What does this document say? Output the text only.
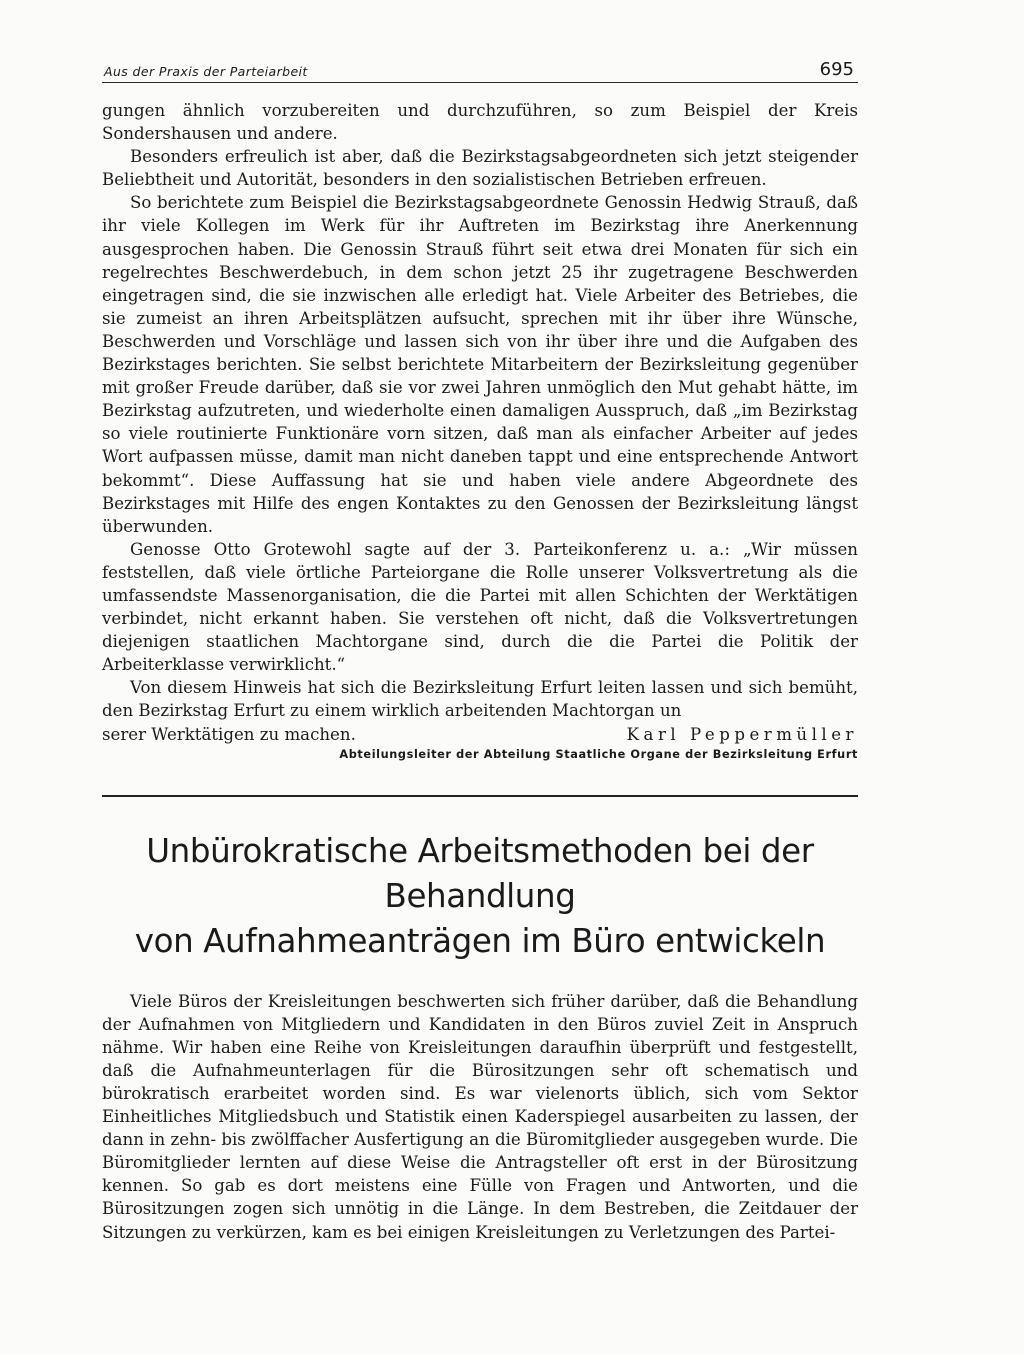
Aus der Praxis der Parteiarbeit	695

gungen ähnlich vorzubereiten und durchzuführen, so zum Beispiel der Kreis Sondershausen und andere.

Besonders erfreulich ist aber, daß die Bezirkstagsabgeordneten sich jetzt steigender Beliebtheit und Autorität, besonders in den sozialistischen Betrieben erfreuen.

So berichtete zum Beispiel die Bezirkstagsabgeordnete Genossin Hedwig Strauß, daß ihr viele Kollegen im Werk für ihr Auftreten im Bezirkstag ihre Anerkennung ausgesprochen haben. Die Genossin Strauß führt seit etwa drei Monaten für sich ein regelrechtes Beschwerdebuch, in dem schon jetzt 25 ihr zugetragene Beschwerden eingetragen sind, die sie inzwischen alle erledigt hat. Viele Arbeiter des Betriebes, die sie zumeist an ihren Arbeitsplätzen aufsucht, sprechen mit ihr über ihre Wünsche, Beschwerden und Vorschläge und lassen sich von ihr über ihre und die Aufgaben des Bezirkstages berichten. Sie selbst berichtete Mitarbeitern der Bezirksleitung gegenüber mit großer Freude darüber, daß sie vor zwei Jahren unmöglich den Mut gehabt hätte, im Bezirkstag aufzutreten, und wiederholte einen damaligen Ausspruch, daß „im Bezirkstag so viele routinierte Funktionäre vorn sitzen, daß man als einfacher Arbeiter auf jedes Wort aufpassen müsse, damit man nicht daneben tappt und eine entsprechende Antwort bekommt“. Diese Auffassung hat sie und haben viele andere Abgeordnete des Bezirkstages mit Hilfe des engen Kontaktes zu den Genossen der Bezirksleitung längst überwunden.

Genosse Otto Grotewohl sagte auf der 3. Parteikonferenz u. a.: „Wir müssen feststellen, daß viele örtliche Parteiorgane die Rolle unserer Volksvertretung als die umfassendste Massenorganisation, die die Partei mit allen Schichten der Werktätigen verbindet, nicht erkannt haben. Sie verstehen oft nicht, daß die Volksvertretungen diejenigen staatlichen Machtorgane sind, durch die die Partei die Politik der Arbeiterklasse verwirklicht.“

Von diesem Hinweis hat sich die Bezirksleitung Erfurt leiten lassen und sich bemüht, den Bezirkstag Erfurt zu einem wirklich arbeitenden Machtorgan un

serer Werktätigen zu machen.	Karl Peppermüller
Abteilungsleiter der Abteilung Staatliche Organe der Bezirksleitung Erfurt
Unbürokratische Arbeitsmethoden bei der Behandlung
von Aufnahmeanträgen im Büro entwickeln

Viele Büros der Kreisleitungen beschwerten sich früher darüber, daß die Behandlung der Aufnahmen von Mitgliedern und Kandidaten in den Büros zuviel Zeit in Anspruch nähme. Wir haben eine Reihe von Kreisleitungen daraufhin überprüft und festgestellt, daß die Aufnahmeunterlagen für die Bürositzungen sehr oft schematisch und bürokratisch erarbeitet worden sind. Es war vielenorts üblich, sich vom Sektor Einheitliches Mitgliedsbuch und Statistik einen Kaderspiegel ausarbeiten zu lassen, der dann in zehn- bis zwölffacher Ausfertigung an die Büromitglieder ausgegeben wurde. Die Büromitglieder lernten auf diese Weise die Antragsteller oft erst in der Bürositzung kennen. So gab es dort meistens eine Fülle von Fragen und Antworten, und die Bürositzungen zogen sich unnötig in die Länge. In dem Bestreben, die Zeitdauer der Sitzungen zu verkürzen, kam es bei einigen Kreisleitungen zu Verletzungen des Partei-
